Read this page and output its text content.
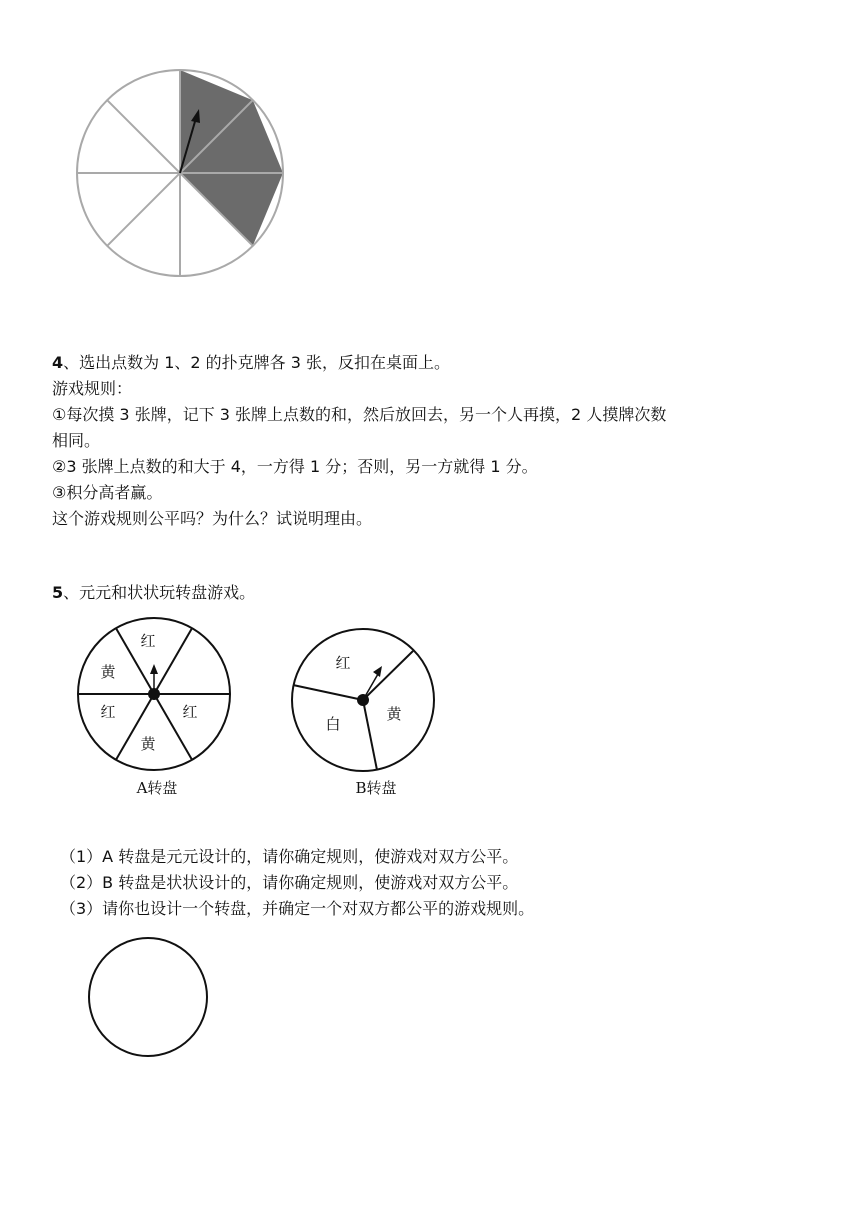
4、选出点数为 1、2 的扑克牌各 3 张，反扣在桌面上。
游戏规则：
①每次摸 3 张牌，记下 3 张牌上点数的和，然后放回去，另一个人再摸，2 人摸牌次数
相同。
②3 张牌上点数的和大于 4，一方得 1 分；否则，另一方就得 1 分。
③积分高者赢。
这个游戏规则公平吗？为什么？试说明理由。
5、元元和状状玩转盘游戏。
红
黄
红	红
黄
A转盘
红
黄
白
B转盘
（1）A 转盘是元元设计的，请你确定规则，使游戏对双方公平。
（2）B 转盘是状状设计的，请你确定规则，使游戏对双方公平。
（3）请你也设计一个转盘，并确定一个对双方都公平的游戏规则。
